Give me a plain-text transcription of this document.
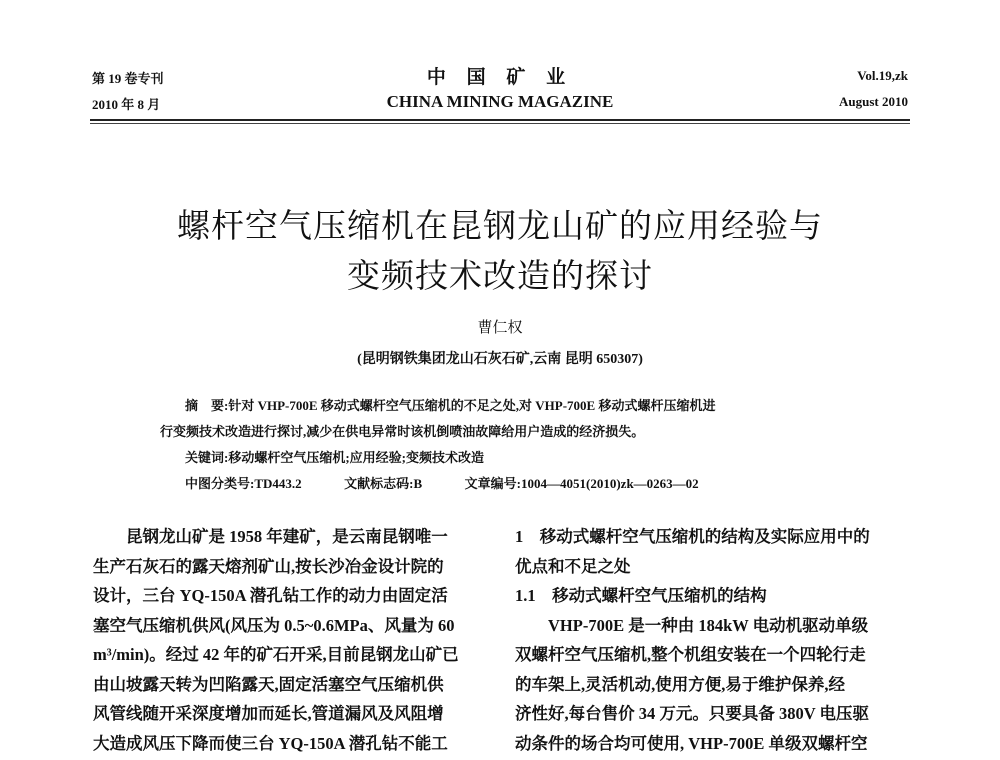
第 19 卷专刊
2010 年 8 月
中 国 矿 业
CHINA MINING MAGAZINE
Vol.19,zk
August 2010
螺杆空气压缩机在昆钢龙山矿的应用经验与
变频技术改造的探讨
曹仁权
(昆明钢铁集团龙山石灰石矿,云南 昆明 650307)
摘　要:针对 VHP-700E 移动式螺杆空气压缩机的不足之处,对 VHP-700E 移动式螺杆压缩机进
行变频技术改造进行探讨,减少在供电异常时该机倒喷油故障给用户造成的经济损失。
关键词:移动螺杆空气压缩机;应用经验;变频技术改造
中图分类号:TD443.2	文献标志码:B	文章编号:1004—4051(2010)zk—0263—02
昆钢龙山矿是 1958 年建矿，是云南昆钢唯一
生产石灰石的露天熔剂矿山,按长沙冶金设计院的
设计，三台 YQ-150A 潜孔钻工作的动力由固定活
塞空气压缩机供风(风压为 0.5~0.6MPa、风量为 60
m³/min)。经过 42 年的矿石开采,目前昆钢龙山矿已
由山坡露天转为凹陷露天,固定活塞空气压缩机供
风管线随开采深度增加而延长,管道漏风及风阻增
大造成风压下降而使三台 YQ-150A 潜孔钻不能工
1　移动式螺杆空气压缩机的结构及实际应用中的
优点和不足之处
1.1　移动式螺杆空气压缩机的结构
VHP-700E 是一种由 184kW 电动机驱动单级
双螺杆空气压缩机,整个机组安装在一个四轮行走
的车架上,灵活机动,使用方便,易于维护保养,经
济性好,每台售价 34 万元。只要具备 380V 电压驱
动条件的场合均可使用, VHP-700E 单级双螺杆空
